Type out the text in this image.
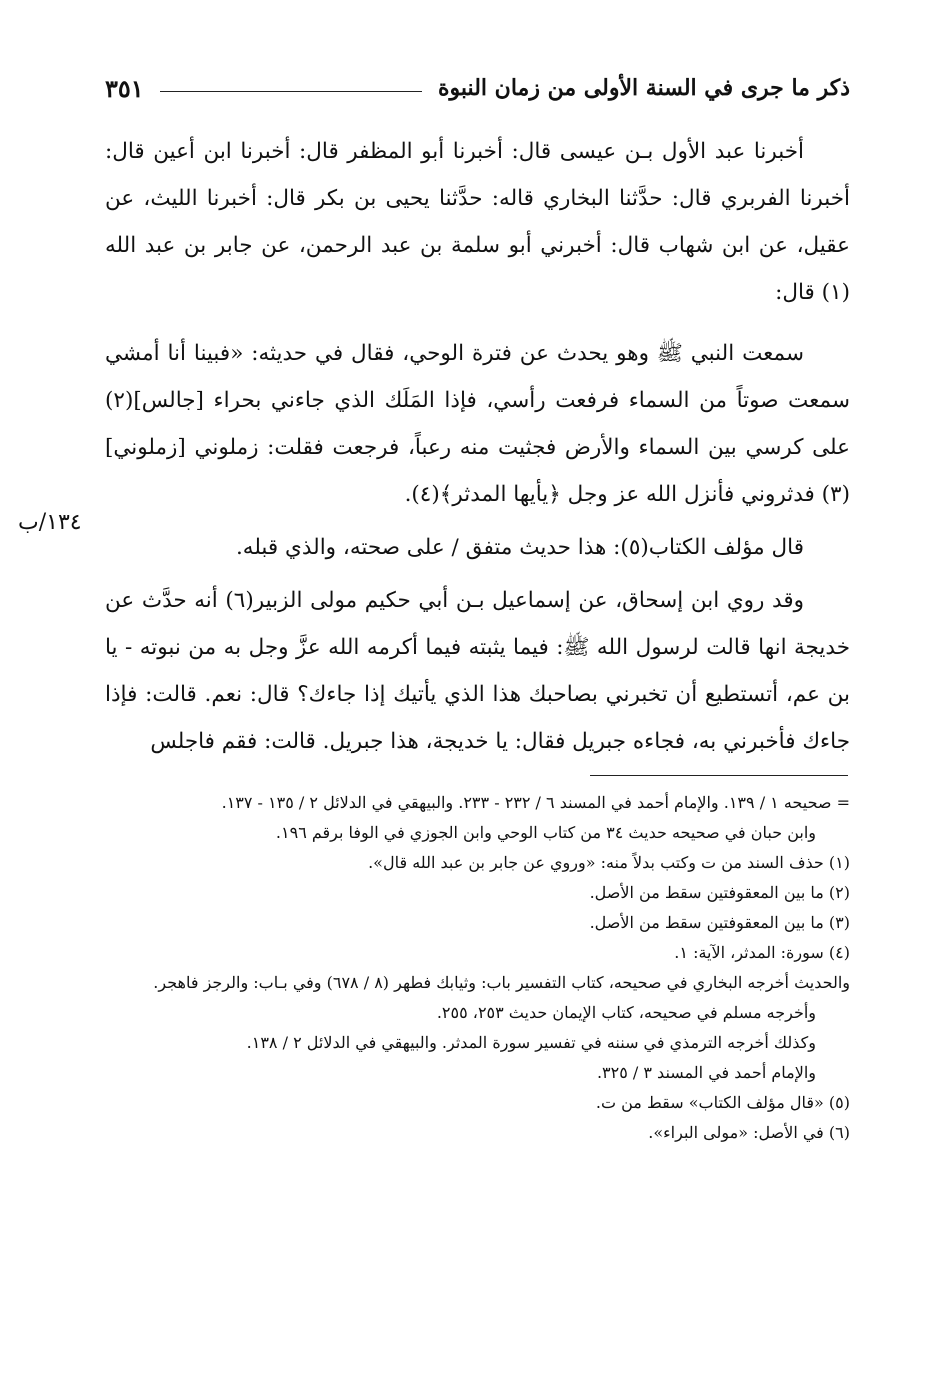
ذكر ما جرى في السنة الأولى من زمان النبوة
٣٥١
١٣٤/ب

أخبرنا عبد الأول بـن عيسى قال: أخبرنا أبو المظفر قال: أخبرنا ابن أعين قال: أخبرنا الفربري قال: حدَّثنا البخاري قاله: حدَّثنا يحيى بن بكر قال: أخبرنا الليث، عن عقيل، عن ابن شهاب قال: أخبرني أبو سلمة بن عبد الرحمن، عن جابر بن عبد الله (١) قال:

سمعت النبي ﷺ وهو يحدث عن فترة الوحي، فقال في حديثه: «فبينا أنا أمشي سمعت صوتاً من السماء فرفعت رأسي، فإذا المَلَك الذي جاءني بحراء [جالس](٢) على كرسي بين السماء والأرض فجثيت منه رعباً، فرجعت فقلت: زملوني [زملوني](٣) فدثروني فأنزل الله عز وجل ﴿يأيها المدثر﴾(٤).

قال مؤلف الكتاب(٥): هذا حديث متفق / على صحته، والذي قبله.

وقد روي ابن إسحاق، عن إسماعيل بـن أبي حكيم مولى الزبير(٦) أنه حدَّث عن خديجة انها قالت لرسول الله ﷺ: فيما يثبته فيما أكرمه الله عزَّ وجل به من نبوته - يا بن عم، أتستطيع أن تخبرني بصاحبك هذا الذي يأتيك إذا جاءك؟ قال: نعم. قالت: فإذا جاءك فأخبرني به، فجاءه جبريل فقال: يا خديجة، هذا جبريل. قالت: فقم فاجلس

= صحيحه ١ / ١٣٩. والإمام أحمد في المسند ٦ / ٢٣٢ - ٢٣٣. والبيهقي في الدلائل ٢ / ١٣٥ - ١٣٧.

وابن حبان في صحيحه حديث ٣٤ من كتاب الوحي وابن الجوزي في الوفا برقم ١٩٦.

(١) حذف السند من ت وكتب بدلاً منه: «وروي عن جابر بن عبد الله قال».

(٢) ما بين المعقوفتين سقط من الأصل.

(٣) ما بين المعقوفتين سقط من الأصل.

(٤) سورة: المدثر، الآية: ١.

والحديث أخرجه البخاري في صحيحه، كتاب التفسير باب: وثيابك فطهر (٨ / ٦٧٨) وفي بـاب: والرجز فاهجر.

وأخرجه مسلم في صحيحه، كتاب الإيمان حديث ٢٥٣، ٢٥٥.

وكذلك أخرجه الترمذي في سننه في تفسير سورة المدثر. والبيهقي في الدلائل ٢ / ١٣٨.

والإمام أحمد في المسند ٣ / ٣٢٥.

(٥) «قال مؤلف الكتاب» سقط من ت.

(٦) في الأصل: «مولى البراء».
